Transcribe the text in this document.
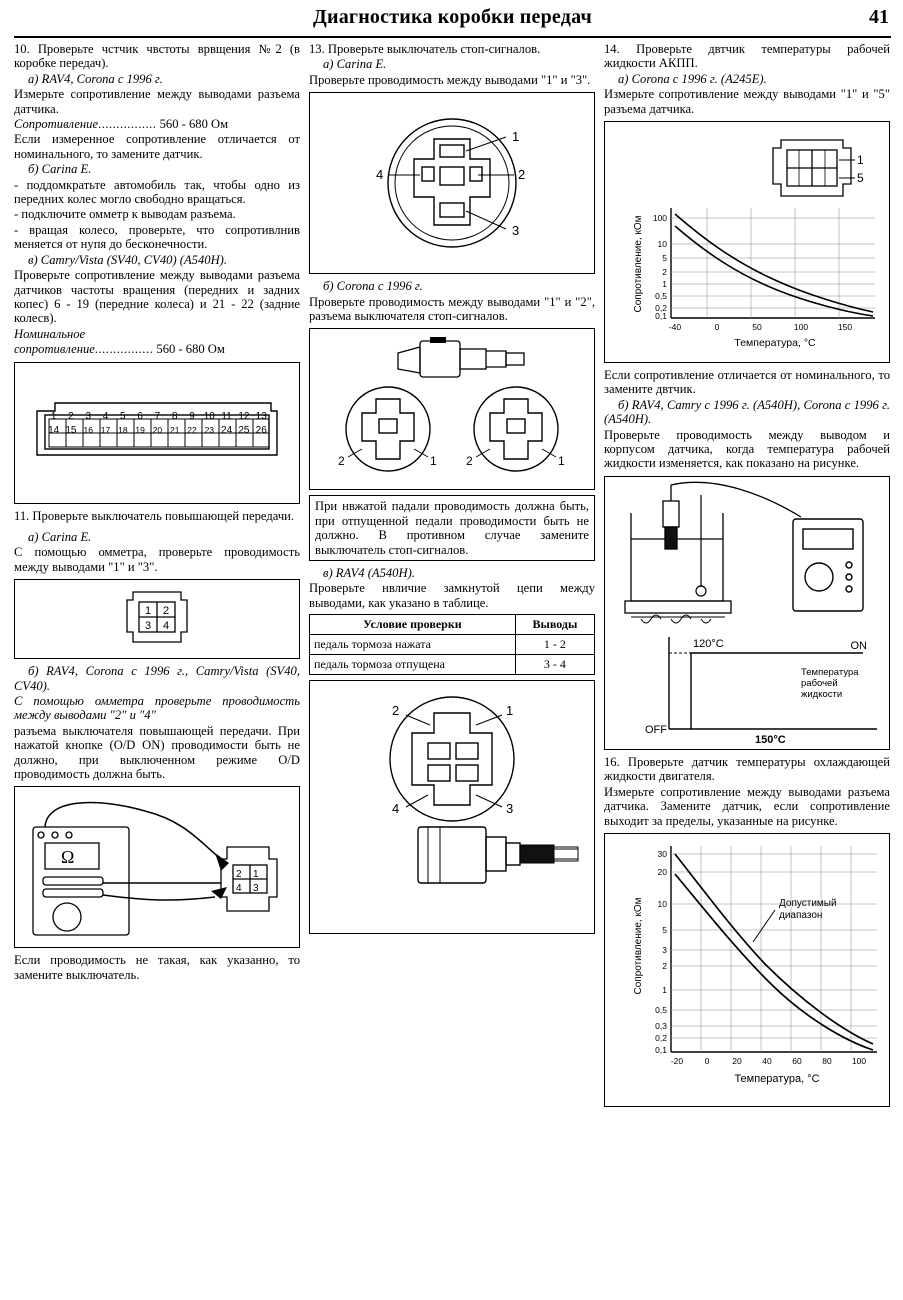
Диагностика коробки передач	41

10. Проверьте чстчик чвстоты врвщения №2 (в коробке передач).

а) RAV4, Corona с 1996 г.

Измерьте сопротивление между выводами разъема датчика.

Сопротивление................ 560 - 680 Ом

Если измеренное сопротивление отличается от номинального, то замените датчик.

б) Carina E.

- поддомкратьте автомобиль так, чтобы одно из передних колес могло свободно вращаться.

- подключите омметр к выводам разъема.

- вращая колесо, проверьте, что сопротивлнив меняется от нупя до бесконечности.

в) Camry/Vista (SV40, CV40) (A540H).

Проверьте сопротивление между выводами разъема датчиков частоты вращения (передних и задних копес) 6 - 19 (передние колеса) и 21 - 22 (задние колесв).

Номинальное

сопротивление................ 560 - 680 Ом

1	2	3	4	5	6	7	8	9 10 11 12 13
14 15 16 17 18 19 20 21 22 23 24 25 26

11. Проверьте выключатель повышающей передачи.

а) Carina E.

С помощью омметра, проверьте проводимость между выводами "1" и "3".

1 2
3 4

б) RAV4, Corona с 1996 г., Camry/Vista (SV40, CV40).

С помощью омметра проверьте проводимость между выводами "2" и "4"

разъема выключателя повышающей передачи. При нажатой кнопке (O/D ON) проводимости быть не должно, при выключенном режиме O/D проводимость должна быть.

Ω
2 1
4 3

Если проводимость не такая, как указанно, то замените выключатель.

13. Проверьте выключатель стоп-сигналов.

а) Carina E.

Проверьте проводимость между выводами "1" и "3".

1
2
3
4

б) Corona с 1996 г.

Проверьте проводимость между выводами "1" и "2", разъема выключателя стоп-сигналов.

2	1 2	1
При нвжатой падали проводимость должна быть, при отпущенной педали проводимости быть не должно. В противном случае замените выключатель стоп-сигналов.

в) RAV4 (A540H).

Проверьте нвличие замкнутой цепи между выводами, как указано в таблице.

Условие проверки	Выводы
педаль тормоза нажата	1 - 2
педаль тормоза отпущена	3 - 4
2	1
4	3

14. Проверьте двтчик температуры рабочей жидкости АКПП.

а) Corona с 1996 г. (A245E).

Измерьте сопротивление между выводами "1" и "5" разъема датчика.

1
5
100
10
5
2
1
0,5
0,2
0,1
-40	0	50	100	150
Температура, °С
Сопротивление, кОм

Если сопротивление отличается от номинального, то замените двтчик.

б) RAV4, Camry с 1996 г. (A540H), Corona с 1996 г. (A540H).

Проверьте проводимость между выводом и корпусом датчика, когда температура рабочей жидкости изменяется, как показано на рисунке.

120°C
150°C
ON
OFF
Температура
рабочей
жидкости

16. Проверьте датчик температуры охлаждающей жидкости двигателя.

Измерьте сопротивление между выводами разъема датчика. Замените датчик, если сопротивление выходит за пределы, указанные на рисунке.

30
20
10
5
3
2
1
0,5
0,3
0,2
0,1
-20	0	20 40 60 80 100
Температура, °С
Сопротивление, кОм	Допустимый
диапазон
